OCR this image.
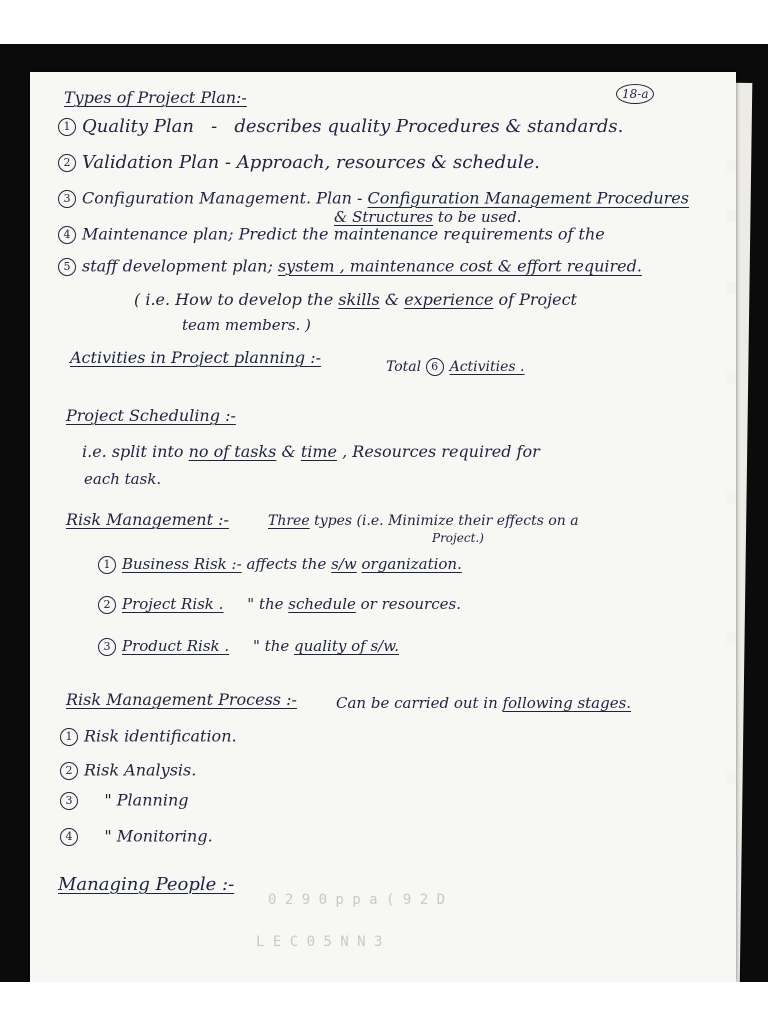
18-a
Types of Project Plan:-
1 Quality Plan - describes quality Procedures & standards.
2 Validation Plan - Approach, resources & schedule.
3 Configuration Management. Plan - Configuration Management Procedures
& Structures to be used.
4 Maintenance plan; Predict the maintenance requirements of the
5 staff development plan; system , maintenance cost & effort required.
( i.e. How to develop the skills & experience of Project
team members. )
Activities in Project planning :-	Total 6 Activities .
Project Scheduling :-
i.e. split into no of tasks & time , Resources required for
each task.
Risk Management :-	Three types (i.e. Minimize their effects on a
Project.)
1 Business Risk :- affects the s/w organization.
2 Project Risk . " the schedule or resources.
3 Product Risk . " the quality of s/w.
Risk Management Process :-	Can be carried out in following stages.
1 Risk identification.
2 Risk Analysis.
3 " Planning
4 " Monitoring.
Managing People :-
0 2 9 0 p p a ( 9 2 D
L E C 0 5 N N 3
